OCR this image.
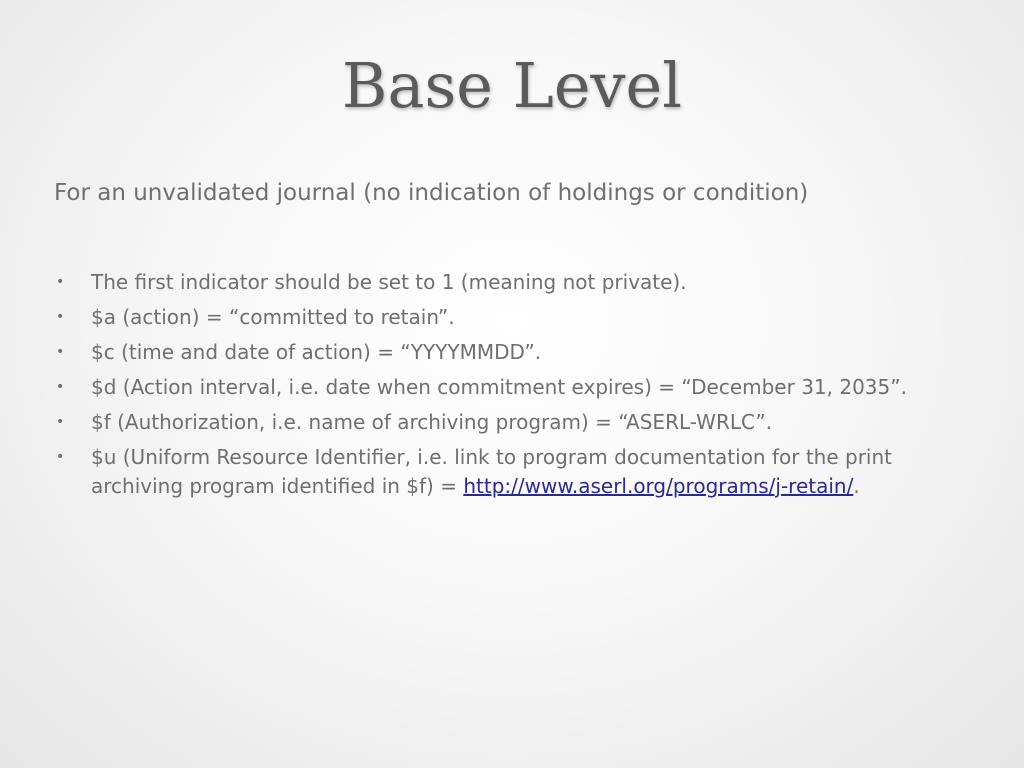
Base Level

For an unvalidated journal (no indication of holdings or condition)

• The first indicator should be set to 1 (meaning not private).
• $a (action) = “committed to retain”.
• $c (time and date of action) = “YYYYMMDD”.
• $d (Action interval, i.e. date when commitment expires) = “December 31, 2035”.
• $f (Authorization, i.e. name of archiving program) = “ASERL-WRLC”.
• $u (Uniform Resource Identifier, i.e. link to program documentation for the print archiving program identified in $f) = http://www.aserl.org/programs/j-retain/.
